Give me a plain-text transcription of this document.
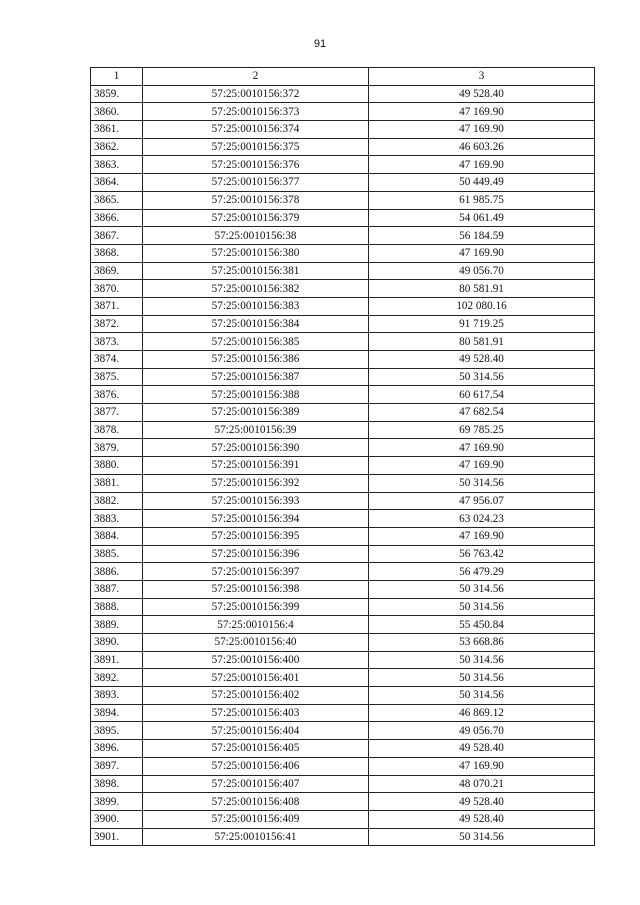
91
1	2	3
3859.	57:25:0010156:372	49 528.40
3860.	57:25:0010156:373	47 169.90
3861.	57:25:0010156:374	47 169.90
3862.	57:25:0010156:375	46 603.26
3863.	57:25:0010156:376	47 169.90
3864.	57:25:0010156:377	50 449.49
3865.	57:25:0010156:378	61 985.75
3866.	57:25:0010156:379	54 061.49
3867.	57:25:0010156:38	56 184.59
3868.	57:25:0010156:380	47 169.90
3869.	57:25:0010156:381	49 056.70
3870.	57:25:0010156:382	80 581.91
3871.	57:25:0010156:383	102 080.16
3872.	57:25:0010156:384	91 719.25
3873.	57:25:0010156:385	80 581.91
3874.	57:25:0010156:386	49 528.40
3875.	57:25:0010156:387	50 314.56
3876.	57:25:0010156:388	60 617.54
3877.	57:25:0010156:389	47 682.54
3878.	57:25:0010156:39	69 785.25
3879.	57:25:0010156:390	47 169.90
3880.	57:25:0010156:391	47 169.90
3881.	57:25:0010156:392	50 314.56
3882.	57:25:0010156:393	47 956.07
3883.	57:25:0010156:394	63 024.23
3884.	57:25:0010156:395	47 169.90
3885.	57:25:0010156:396	56 763.42
3886.	57:25:0010156:397	56 479.29
3887.	57:25:0010156:398	50 314.56
3888.	57:25:0010156:399	50 314.56
3889.	57:25:0010156:4	55 450.84
3890.	57:25:0010156:40	53 668.86
3891.	57:25:0010156:400	50 314.56
3892.	57:25:0010156:401	50 314.56
3893.	57:25:0010156:402	50 314.56
3894.	57:25:0010156:403	46 869.12
3895.	57:25:0010156:404	49 056.70
3896.	57:25:0010156:405	49 528.40
3897.	57:25:0010156:406	47 169.90
3898.	57:25:0010156:407	48 070.21
3899.	57:25:0010156:408	49 528.40
3900.	57:25:0010156:409	49 528.40
3901.	57:25:0010156:41	50 314.56
